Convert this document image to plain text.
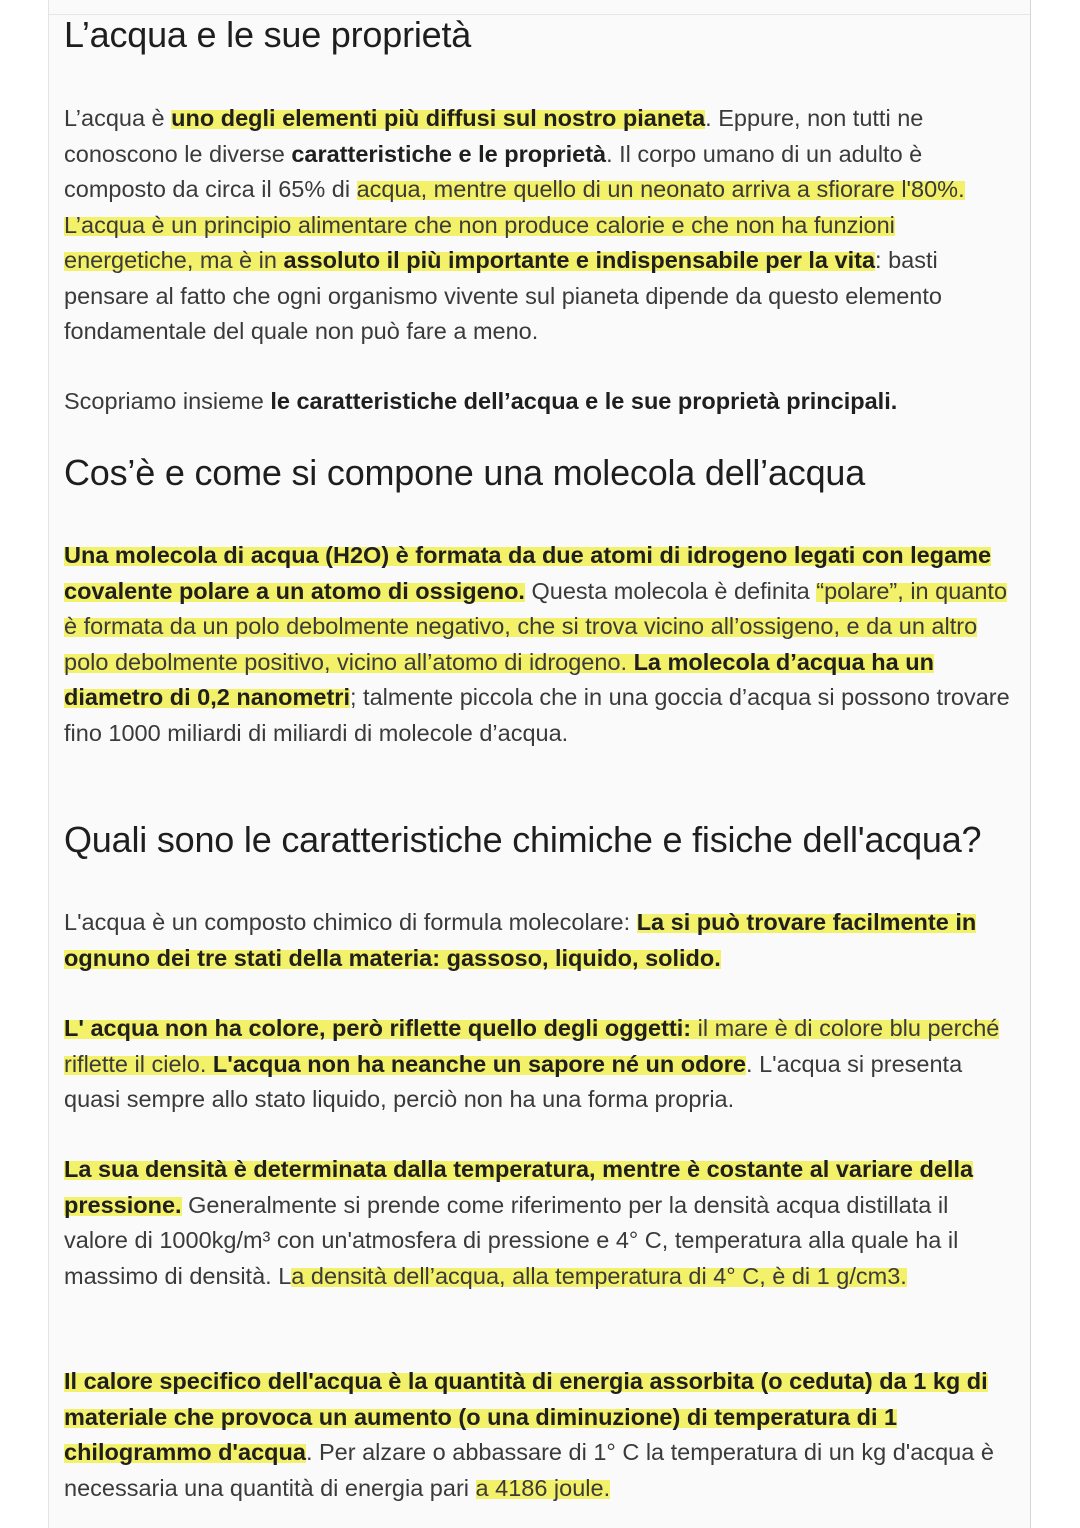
L’acqua e le sue proprietà

L’acqua è uno degli elementi più diffusi sul nostro pianeta. Eppure, non tutti ne conoscono le diverse caratteristiche e le proprietà. Il corpo umano di un adulto è composto da circa il 65% di acqua, mentre quello di un neonato arriva a sfiorare l'80%. L’acqua è un principio alimentare che non produce calorie e che non ha funzioni energetiche, ma è in assoluto il più importante e indispensabile per la vita: basti pensare al fatto che ogni organismo vivente sul pianeta dipende da questo elemento fondamentale del quale non può fare a meno.

Scopriamo insieme le caratteristiche dell’acqua e le sue proprietà principali.

Cos’è e come si compone una molecola dell’acqua

Una molecola di acqua (H2O) è formata da due atomi di idrogeno legati con legame covalente polare a un atomo di ossigeno. Questa molecola è definita “polare”, in quanto è formata da un polo debolmente negativo, che si trova vicino all’ossigeno, e da un altro polo debolmente positivo, vicino all’atomo di idrogeno. La molecola d’acqua ha un diametro di 0,2 nanometri; talmente piccola che in una goccia d’acqua si possono trovare fino 1000 miliardi di miliardi di molecole d’acqua.

Quali sono le caratteristiche chimiche e fisiche dell'acqua?

L'acqua è un composto chimico di formula molecolare: La si può trovare facilmente in ognuno dei tre stati della materia: gassoso, liquido, solido.

L' acqua non ha colore, però riflette quello degli oggetti: il mare è di colore blu perché riflette il cielo. L'acqua non ha neanche un sapore né un odore. L'acqua si presenta quasi sempre allo stato liquido, perciò non ha una forma propria.

La sua densità è determinata dalla temperatura, mentre è costante al variare della pressione. Generalmente si prende come riferimento per la densità acqua distillata il valore di 1000kg/m³ con un'atmosfera di pressione e 4° C, temperatura alla quale ha il massimo di densità. La densità dell’acqua, alla temperatura di 4° C, è di 1 g/cm3.

Il calore specifico dell'acqua è la quantità di energia assorbita (o ceduta) da 1 kg di materiale che provoca un aumento (o una diminuzione) di temperatura di 1 chilogrammo d'acqua. Per alzare o abbassare di 1° C la temperatura di un kg d'acqua è necessaria una quantità di energia pari a 4186 joule.
